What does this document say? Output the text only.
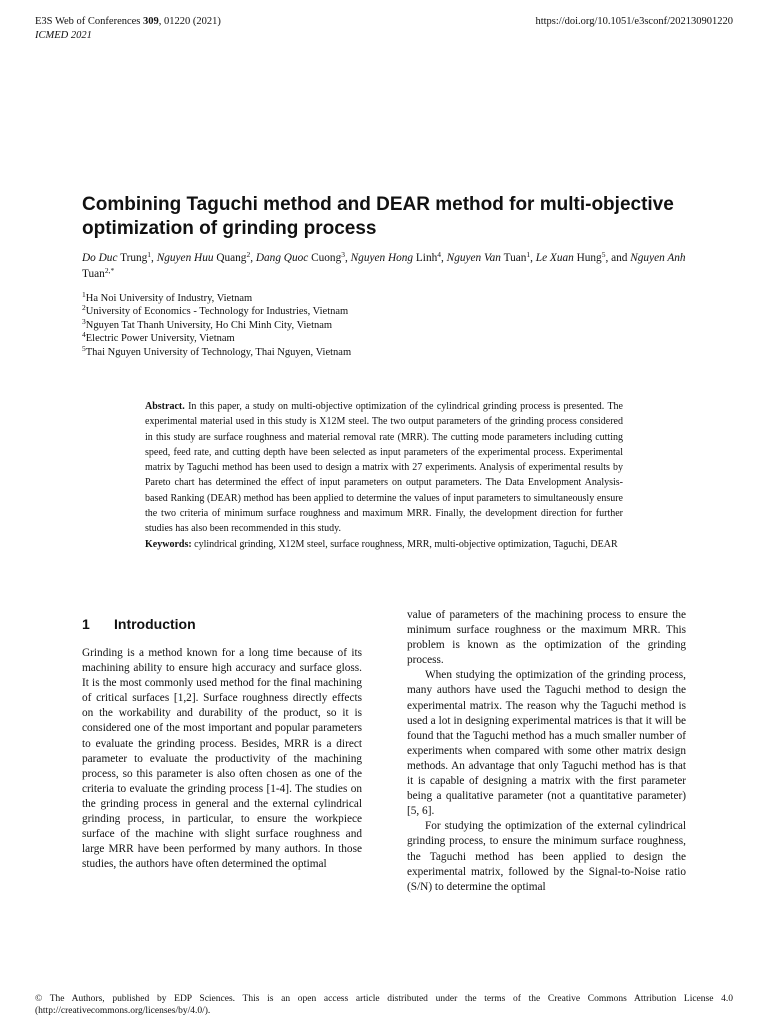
E3S Web of Conferences 309, 01220 (2021)	https://doi.org/10.1051/e3sconf/202130901220
ICMED 2021
Combining Taguchi method and DEAR method for multi-objective optimization of grinding process
Do Duc Trung$^1$, Nguyen Huu Quang$^2$, Dang Quoc Cuong$^3$, Nguyen Hong Linh$^4$, Nguyen Van Tuan$^1$, Le Xuan Hung$^5$, and Nguyen Anh Tuan$^{2,*}$
$^1$Ha Noi University of Industry, Vietnam
$^2$University of Economics - Technology for Industries, Vietnam
$^3$Nguyen Tat Thanh University, Ho Chi Minh City, Vietnam
$^4$Electric Power University, Vietnam
$^5$Thai Nguyen University of Technology, Thai Nguyen, Vietnam
Abstract. In this paper, a study on multi-objective optimization of the cylindrical grinding process is presented. The experimental material used in this study is X12M steel. The two output parameters of the grinding process considered in this study are surface roughness and material removal rate (MRR). The cutting mode parameters including cutting speed, feed rate, and cutting depth have been selected as input parameters of the experimental process. Experimental matrix by Taguchi method has been used to design a matrix with 27 experiments. Analysis of experimental results by Pareto chart has determined the effect of input parameters on output parameters. The Data Envelopment Analysis-based Ranking (DEAR) method has been applied to determine the values of input parameters to simultaneously ensure the two criteria of minimum surface roughness and maximum MRR. Finally, the development direction for further studies has also been recommended in this study.
Keywords: cylindrical grinding, X12M steel, surface roughness, MRR, multi-objective optimization, Taguchi, DEAR
1 Introduction

Grinding is a method known for a long time because of its machining ability to ensure high accuracy and surface gloss. It is the most commonly used method for the final machining of critical surfaces [1,2]. Surface roughness directly effects on the workability and durability of the product, so it is considered one of the most important and popular parameters to evaluate the grinding process. Besides, MRR is a direct parameter to evaluate the productivity of the machining process, so this parameter is also often chosen as one of the criteria to evaluate the grinding process [1-4]. The studies on the grinding process in general and the external cylindrical grinding process, in particular, to ensure the workpiece surface of the machine with slight surface roughness and large MRR have been performed by many authors. In those studies, the authors have often determined the optimal

value of parameters of the machining process to ensure the minimum surface roughness or the maximum MRR. This problem is known as the optimization of the grinding process.

When studying the optimization of the grinding process, many authors have used the Taguchi method to design the experimental matrix. The reason why the Taguchi method is used a lot in designing experimental matrices is that it will be found that the Taguchi method has a much smaller number of experiments when compared with some other matrix design methods. An advantage that only Taguchi method has is that it is capable of designing a matrix with the first parameter being a qualitative parameter (not a quantitative parameter) [5, 6].

For studying the optimization of the external cylindrical grinding process, to ensure the minimum surface roughness, the Taguchi method has been applied to design the experimental matrix, followed by the Signal-to-Noise ratio (S/N) to determine the optimal

© The Authors, published by EDP Sciences. This is an open access article distributed under the terms of the Creative Commons Attribution License 4.0 (http://creativecommons.org/licenses/by/4.0/).
